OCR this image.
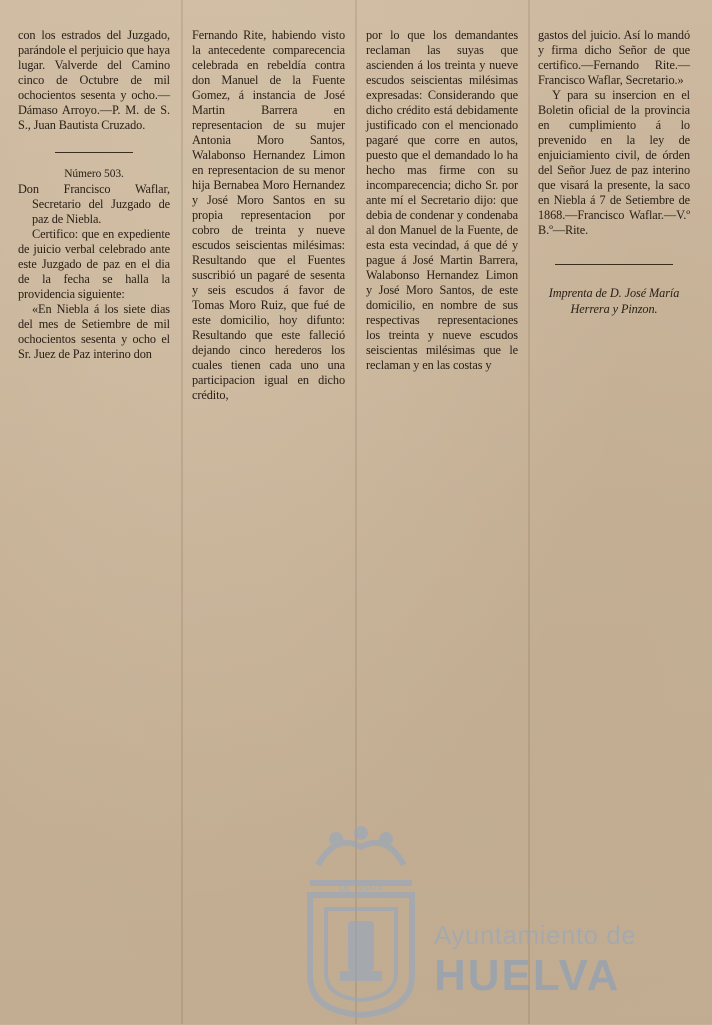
con los estrados del Juzgado, parándole el perjuicio que haya lugar. Valverde del Camino cinco de Octubre de mil ochocientos sesenta y ocho.—Dámaso Arroyo.—P. M. de S. S., Juan Bautista Cruzado.

Número 503.

Don Francisco Waflar, Secretario del Juzgado de paz de Niebla.

Certifico: que en expediente de juicio verbal celebrado ante este Juzgado de paz en el dia de la fecha se halla la providencia siguiente:

«En Niebla á los siete dias del mes de Setiembre de mil ochocientos sesenta y ocho el Sr. Juez de Paz interino don

Fernando Rite, habiendo visto la antecedente comparecencia celebrada en rebeldía contra don Manuel de la Fuente Gomez, á instancia de José Martin Barrera en representacion de su mujer Antonia Moro Santos, Walabonso Hernandez Limon en representacion de su menor hija Bernabea Moro Hernandez y José Moro Santos en su propia representacion por cobro de treinta y nueve escudos seiscientas milésimas: Resultando que el Fuentes suscribió un pagaré de sesenta y seis escudos á favor de Tomas Moro Ruiz, que fué de este domicilio, hoy difunto: Resultando que este falleció dejando cinco herederos los cuales tienen cada uno una participacion igual en dicho crédito,

por lo que los demandantes reclaman las suyas que ascienden á los treinta y nueve escudos seiscientas milésimas expresadas: Considerando que dicho crédito está debidamente justificado con el mencionado pagaré que corre en autos, puesto que el demandado lo ha hecho mas firme con su incomparecencia; dicho Sr. por ante mí el Secretario dijo: que debia de condenar y condenaba al don Manuel de la Fuente, de esta esta vecindad, á que dé y pague á José Martin Barrera, Walabonso Hernandez Limon y José Moro Santos, de este domicilio, en nombre de sus respectivas representaciones los treinta y nueve escudos seiscientas milésimas que le reclaman y en las costas y

gastos del juicio. Así lo mandó y firma dicho Señor de que certifico.—Fernando Rite.—Francisco Waflar, Secretario.»

Y para su insercion en el Boletin oficial de la provincia en cumplimiento á lo prevenido en la ley de enjuiciamiento civil, de órden del Señor Juez de paz interino que visará la presente, la saco en Niebla á 7 de Setiembre de 1868.—Francisco Waflar.—V.º B.º—Rite.

Imprenta de D. José María

Herrera y Pinzon.

DE TIERRA
Ayuntamiento de
HUELVA
